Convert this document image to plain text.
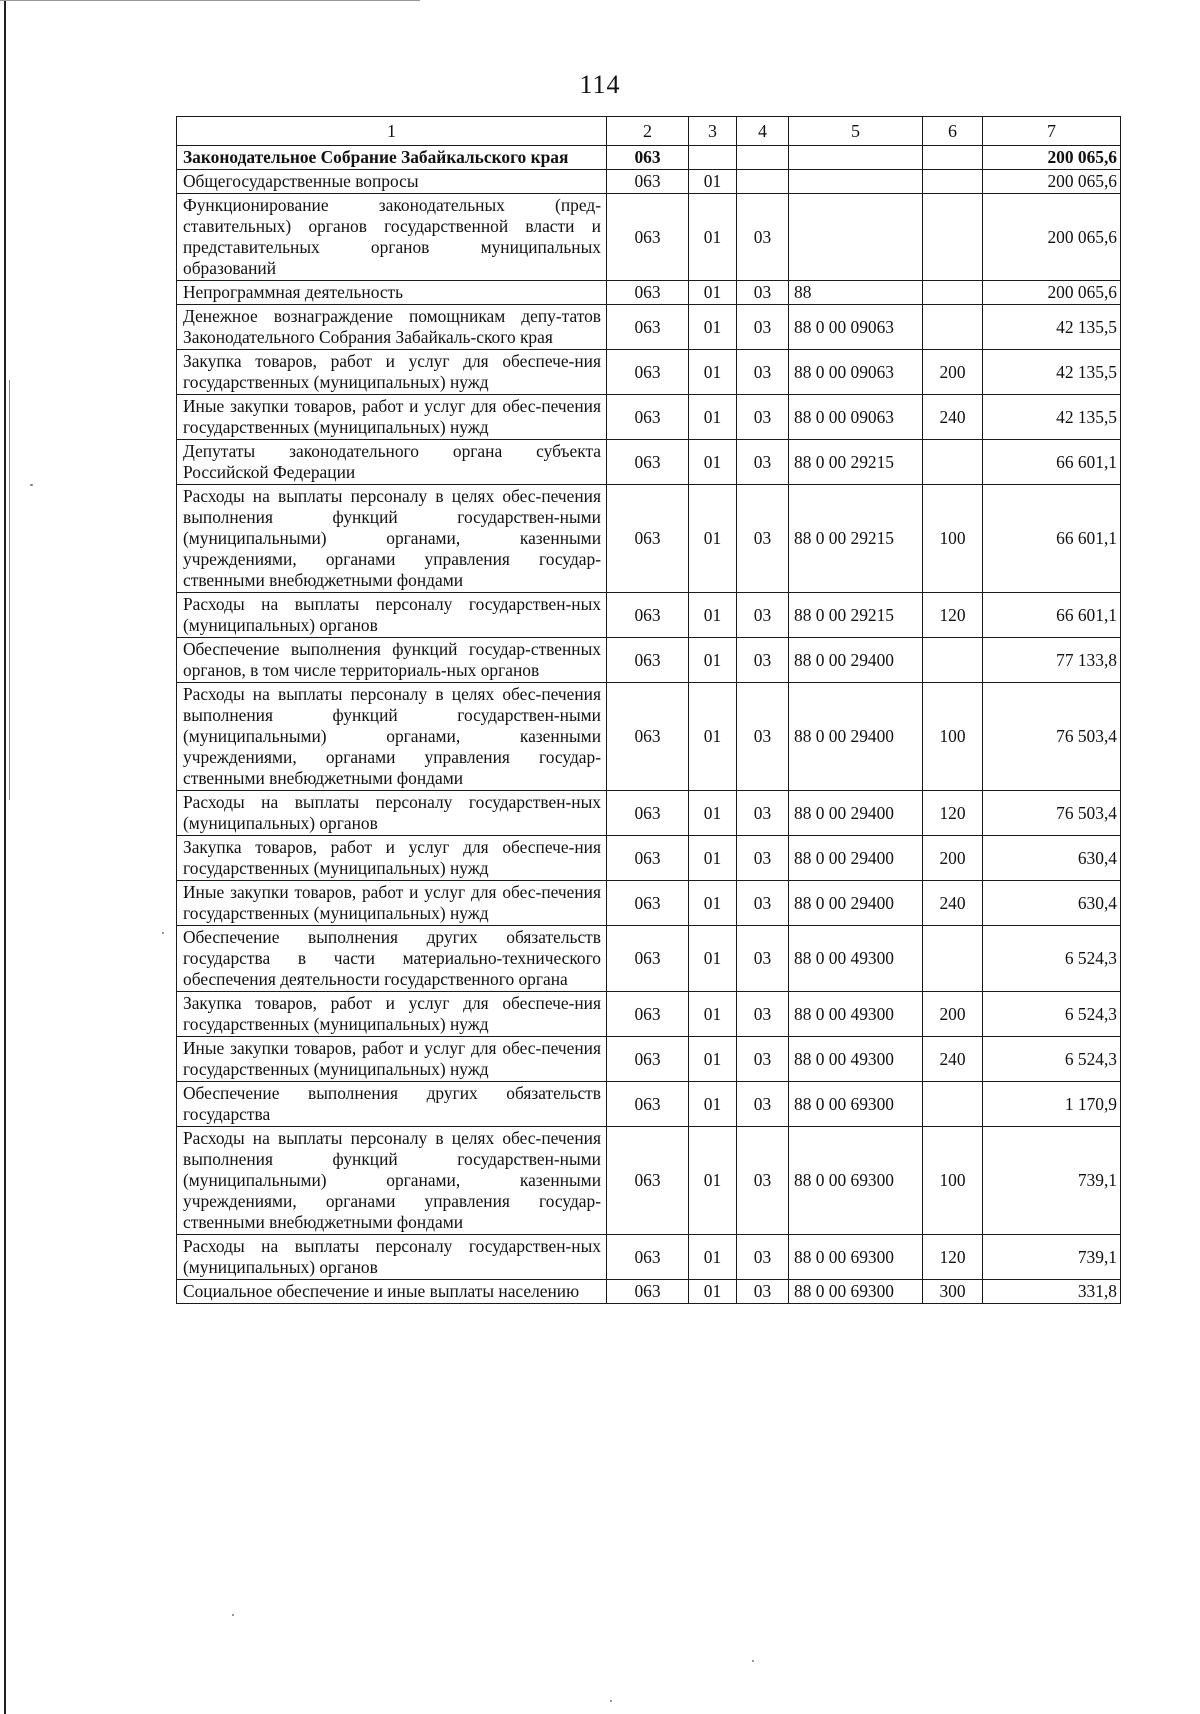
114
1	2	3	4	5	6	7
Законодательное Собрание Забайкальского края	063					200 065,6
Общегосударственные вопросы	063	01				200 065,6
Функционирование законодательных (пред-ставительных) органов государственной власти и представительных органов муниципальных образований	063	01	03			200 065,6
Непрограммная деятельность	063	01	03	88		200 065,6
Денежное вознаграждение помощникам депу-татов Законодательного Собрания Забайкаль-ского края	063	01	03	88 0 00 09063		42 135,5
Закупка товаров, работ и услуг для обеспече-ния государственных (муниципальных) нужд	063	01	03	88 0 00 09063	200	42 135,5
Иные закупки товаров, работ и услуг для обес-печения государственных (муниципальных) нужд	063	01	03	88 0 00 09063	240	42 135,5
Депутаты законодательного органа субъекта Российской Федерации	063	01	03	88 0 00 29215		66 601,1
Расходы на выплаты персоналу в целях обес-печения выполнения функций государствен-ными (муниципальными) органами, казенными учреждениями, органами управления государ-ственными внебюджетными фондами	063	01	03	88 0 00 29215	100	66 601,1
Расходы на выплаты персоналу государствен-ных (муниципальных) органов	063	01	03	88 0 00 29215	120	66 601,1
Обеспечение выполнения функций государ-ственных органов, в том числе территориаль-ных органов	063	01	03	88 0 00 29400		77 133,8
Расходы на выплаты персоналу в целях обес-печения выполнения функций государствен-ными (муниципальными) органами, казенными учреждениями, органами управления государ-ственными внебюджетными фондами	063	01	03	88 0 00 29400	100	76 503,4
Расходы на выплаты персоналу государствен-ных (муниципальных) органов	063	01	03	88 0 00 29400	120	76 503,4
Закупка товаров, работ и услуг для обеспече-ния государственных (муниципальных) нужд	063	01	03	88 0 00 29400	200	630,4
Иные закупки товаров, работ и услуг для обес-печения государственных (муниципальных) нужд	063	01	03	88 0 00 29400	240	630,4
Обеспечение выполнения других обязательств государства в части материально-технического обеспечения деятельности государственного органа	063	01	03	88 0 00 49300		6 524,3
Закупка товаров, работ и услуг для обеспече-ния государственных (муниципальных) нужд	063	01	03	88 0 00 49300	200	6 524,3
Иные закупки товаров, работ и услуг для обес-печения государственных (муниципальных) нужд	063	01	03	88 0 00 49300	240	6 524,3
Обеспечение выполнения других обязательств государства	063	01	03	88 0 00 69300		1 170,9
Расходы на выплаты персоналу в целях обес-печения выполнения функций государствен-ными (муниципальными) органами, казенными учреждениями, органами управления государ-ственными внебюджетными фондами	063	01	03	88 0 00 69300	100	739,1
Расходы на выплаты персоналу государствен-ных (муниципальных) органов	063	01	03	88 0 00 69300	120	739,1
Социальное обеспечение и иные выплаты населению	063	01	03	88 0 00 69300	300	331,8
